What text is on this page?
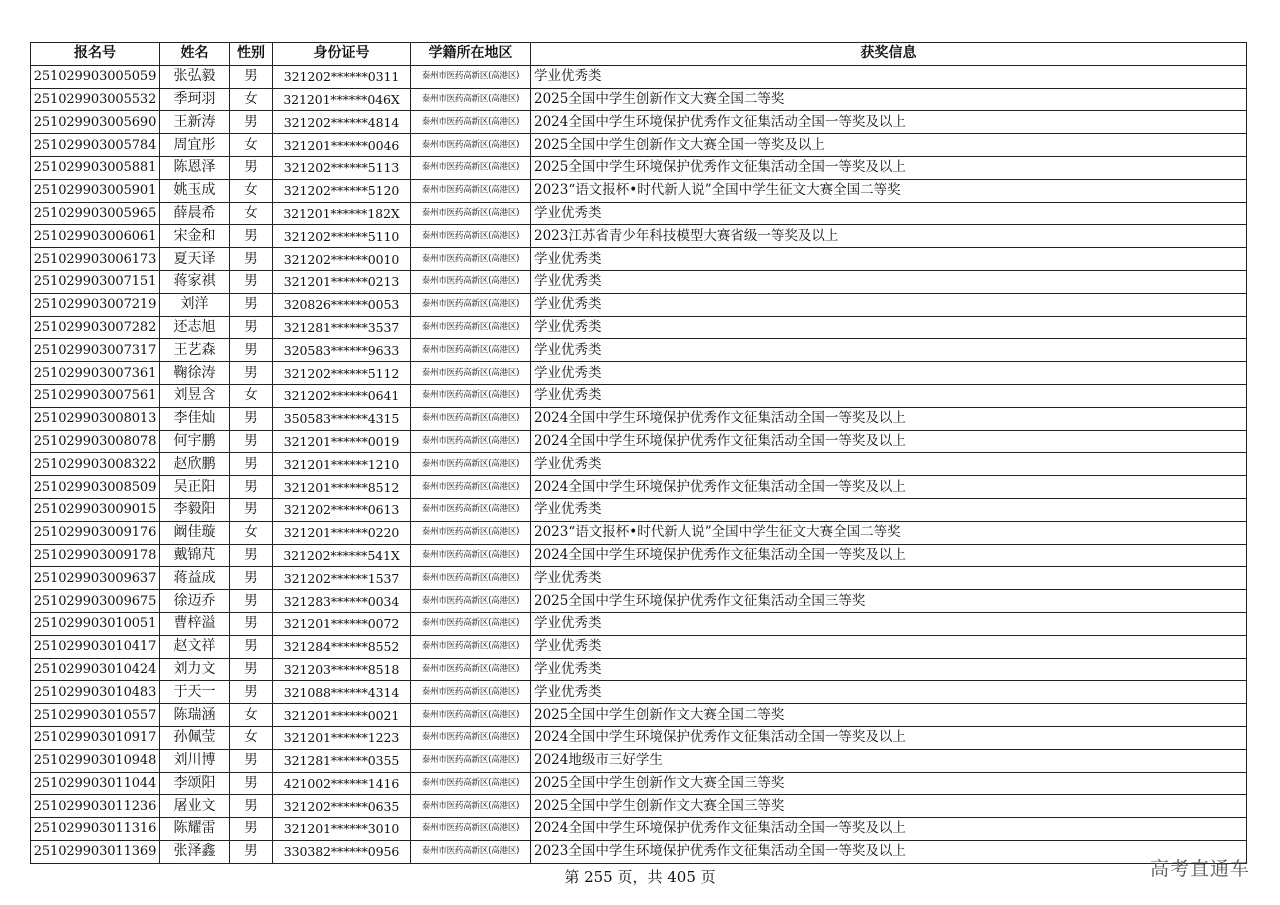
报名号	姓名	性别	身份证号	学籍所在地区	获奖信息
251029903005059	张弘毅	男	321202******0311	泰州市医药高新区(高港区)	学业优秀类
251029903005532	季珂羽	女	321201******046X	泰州市医药高新区(高港区)	2025全国中学生创新作文大赛全国二等奖
251029903005690	王新涛	男	321202******4814	泰州市医药高新区(高港区)	2024全国中学生环境保护优秀作文征集活动全国一等奖及以上
251029903005784	周宜彤	女	321201******0046	泰州市医药高新区(高港区)	2025全国中学生创新作文大赛全国一等奖及以上
251029903005881	陈恩泽	男	321202******5113	泰州市医药高新区(高港区)	2025全国中学生环境保护优秀作文征集活动全国一等奖及以上
251029903005901	姚玉成	女	321202******5120	泰州市医药高新区(高港区)	2023“语文报杯•时代新人说”全国中学生征文大赛全国二等奖
251029903005965	薛晨希	女	321201******182X	泰州市医药高新区(高港区)	学业优秀类
251029903006061	宋金和	男	321202******5110	泰州市医药高新区(高港区)	2023江苏省青少年科技模型大赛省级一等奖及以上
251029903006173	夏天译	男	321202******0010	泰州市医药高新区(高港区)	学业优秀类
251029903007151	蒋家祺	男	321201******0213	泰州市医药高新区(高港区)	学业优秀类
251029903007219	刘洋	男	320826******0053	泰州市医药高新区(高港区)	学业优秀类
251029903007282	还志旭	男	321281******3537	泰州市医药高新区(高港区)	学业优秀类
251029903007317	王艺森	男	320583******9633	泰州市医药高新区(高港区)	学业优秀类
251029903007361	鞠徐涛	男	321202******5112	泰州市医药高新区(高港区)	学业优秀类
251029903007561	刘昱含	女	321202******0641	泰州市医药高新区(高港区)	学业优秀类
251029903008013	李佳灿	男	350583******4315	泰州市医药高新区(高港区)	2024全国中学生环境保护优秀作文征集活动全国一等奖及以上
251029903008078	何宇鹏	男	321201******0019	泰州市医药高新区(高港区)	2024全国中学生环境保护优秀作文征集活动全国一等奖及以上
251029903008322	赵欣鹏	男	321201******1210	泰州市医药高新区(高港区)	学业优秀类
251029903008509	吴正阳	男	321201******8512	泰州市医药高新区(高港区)	2024全国中学生环境保护优秀作文征集活动全国一等奖及以上
251029903009015	李毅阳	男	321202******0613	泰州市医药高新区(高港区)	学业优秀类
251029903009176	阚佳璇	女	321201******0220	泰州市医药高新区(高港区)	2023“语文报杯•时代新人说”全国中学生征文大赛全国二等奖
251029903009178	戴锦芃	男	321202******541X	泰州市医药高新区(高港区)	2024全国中学生环境保护优秀作文征集活动全国一等奖及以上
251029903009637	蒋益成	男	321202******1537	泰州市医药高新区(高港区)	学业优秀类
251029903009675	徐迈乔	男	321283******0034	泰州市医药高新区(高港区)	2025全国中学生环境保护优秀作文征集活动全国三等奖
251029903010051	曹梓溢	男	321201******0072	泰州市医药高新区(高港区)	学业优秀类
251029903010417	赵文祥	男	321284******8552	泰州市医药高新区(高港区)	学业优秀类
251029903010424	刘力文	男	321203******8518	泰州市医药高新区(高港区)	学业优秀类
251029903010483	于天一	男	321088******4314	泰州市医药高新区(高港区)	学业优秀类
251029903010557	陈瑞涵	女	321201******0021	泰州市医药高新区(高港区)	2025全国中学生创新作文大赛全国二等奖
251029903010917	孙佩莹	女	321201******1223	泰州市医药高新区(高港区)	2024全国中学生环境保护优秀作文征集活动全国一等奖及以上
251029903010948	刘川博	男	321281******0355	泰州市医药高新区(高港区)	2024地级市三好学生
251029903011044	李颂阳	男	421002******1416	泰州市医药高新区(高港区)	2025全国中学生创新作文大赛全国三等奖
251029903011236	屠业文	男	321202******0635	泰州市医药高新区(高港区)	2025全国中学生创新作文大赛全国三等奖
251029903011316	陈耀雷	男	321201******3010	泰州市医药高新区(高港区)	2024全国中学生环境保护优秀作文征集活动全国一等奖及以上
251029903011369	张泽鑫	男	330382******0956	泰州市医药高新区(高港区)	2023全国中学生环境保护优秀作文征集活动全国一等奖及以上
第 255 页，共 405 页	高考直通车
